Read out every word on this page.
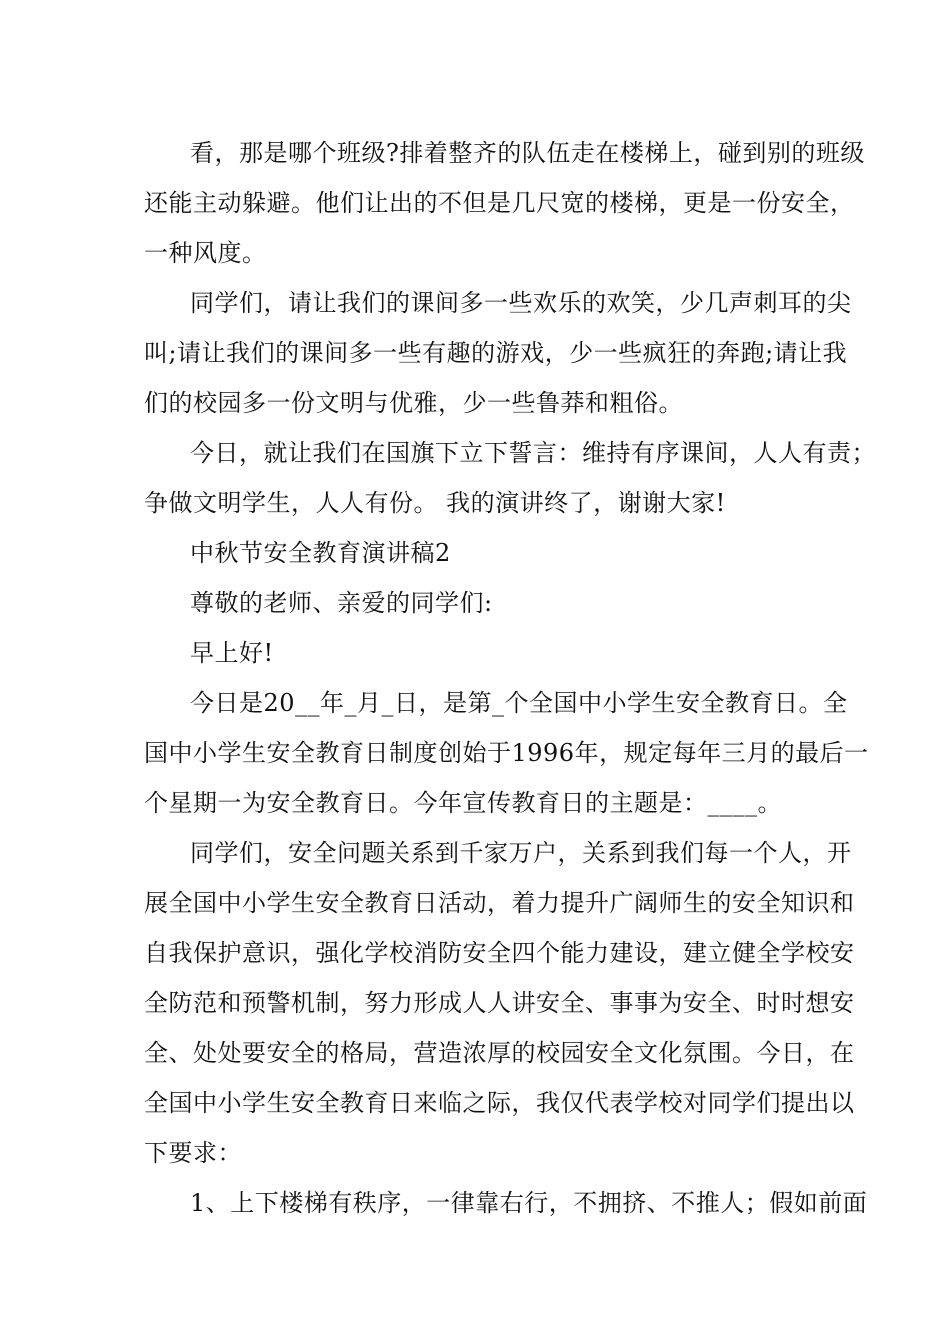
看，那是哪个班级?排着整齐的队伍走在楼梯上，碰到别的班级
还能主动躲避。他们让出的不但是几尺宽的楼梯，更是一份安全，
一种风度。
同学们，请让我们的课间多一些欢乐的欢笑，少几声刺耳的尖
叫;请让我们的课间多一些有趣的游戏，少一些疯狂的奔跑;请让我
们的校园多一份文明与优雅，少一些鲁莽和粗俗。
今日，就让我们在国旗下立下誓言：维持有序课间，人人有责；
争做文明学生，人人有份。 我的演讲终了，谢谢大家!
中秋节安全教育演讲稿2
尊敬的老师、亲爱的同学们:
早上好!
今日是20__年_月_日，是第_个全国中小学生安全教育日。全
国中小学生安全教育日制度创始于1996年，规定每年三月的最后一
个星期一为安全教育日。今年宣传教育日的主题是：____。
同学们，安全问题关系到千家万户，关系到我们每一个人，开
展全国中小学生安全教育日活动，着力提升广阔师生的安全知识和
自我保护意识，强化学校消防安全四个能力建设，建立健全学校安
全防范和预警机制，努力形成人人讲安全、事事为安全、时时想安
全、处处要安全的格局，营造浓厚的校园安全文化氛围。今日，在
全国中小学生安全教育日来临之际，我仅代表学校对同学们提出以
下要求：
1、上下楼梯有秩序，一律靠右行，不拥挤、不推人；假如前面
